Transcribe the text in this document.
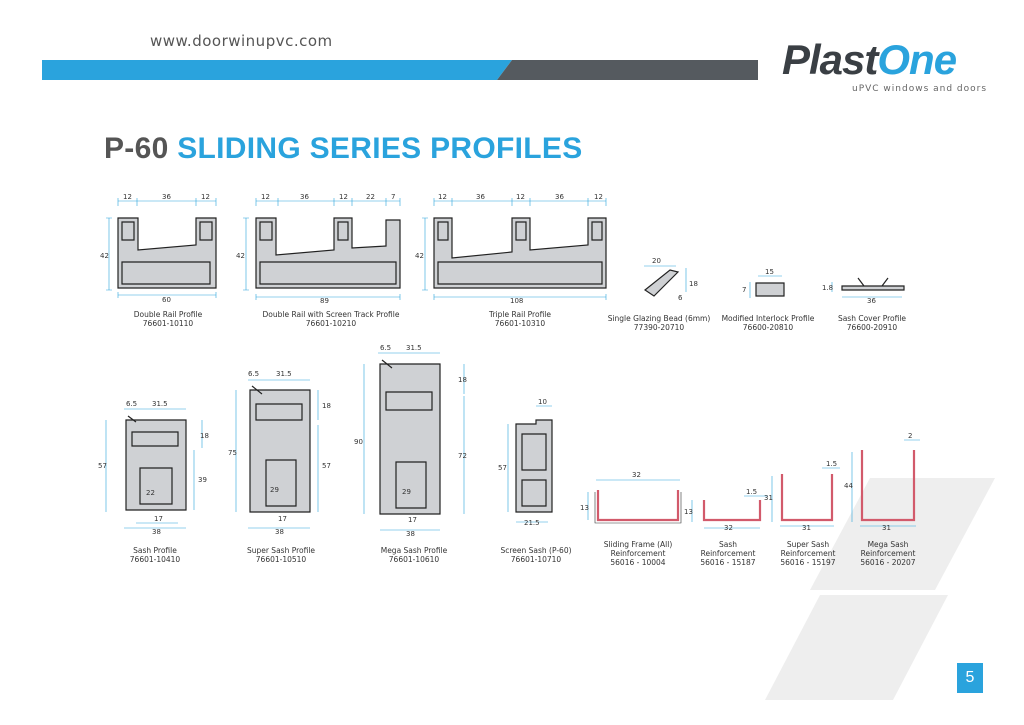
www.doorwinupvc.com	PlastOne
uPVC windows and doors
P-60 SLIDING SERIES PROFILES
12	36	12
42
60
12	36	12	22 7
42
89
12	36	12	36	12
42
108
20
18
6
15
7	1.8
36
6.5 31.5
18
57
39
22
17
38
6.5 31.5
18
75
57
29
17
38
6.5 31.5
18
90
72
29
17
38
10
57
21.5
32
13
1.5
13
32
1.5
31
31
2
44
31
Double Rail Profile
76601-10110
Double Rail with Screen Track Profile
76601-10210
Triple Rail Profile
76601-10310
Single Glazing Bead (6mm)
77390-20710
Modified Interlock Profile
76600-20810
Sash Cover Profile
76600-20910
Sash Profile
76601-10410
Super Sash Profile
76601-10510
Mega Sash Profile
76601-10610
Screen Sash (P-60)
76601-10710
Sliding Frame (All)
Reinforcement
56016 - 10004
Sash
Reinforcement
56016 - 15187
Super Sash
Reinforcement
56016 - 15197
Mega Sash
Reinforcement
56016 - 20207
5
